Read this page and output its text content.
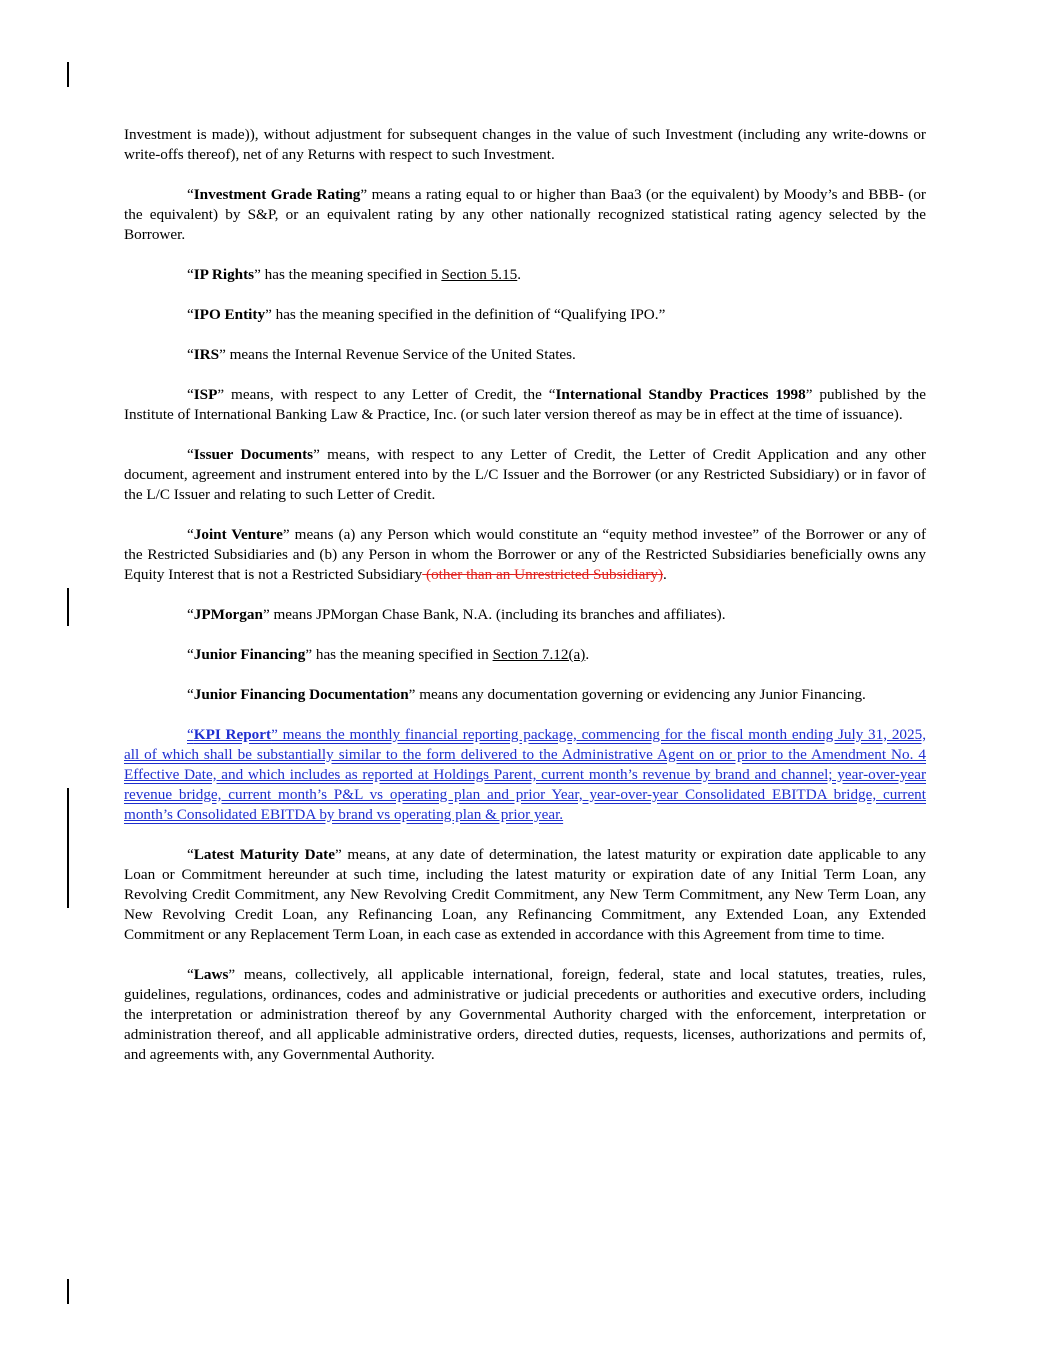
Investment is made)), without adjustment for subsequent changes in the value of such Investment (including any write-downs or write-offs thereof), net of any Returns with respect to such Investment.

“Investment Grade Rating” means a rating equal to or higher than Baa3 (or the equivalent) by Moody’s and BBB- (or the equivalent) by S&P, or an equivalent rating by any other nationally recognized statistical rating agency selected by the Borrower.

“IP Rights” has the meaning specified in Section 5.15.

“IPO Entity” has the meaning specified in the definition of “Qualifying IPO.”

“IRS” means the Internal Revenue Service of the United States.

“ISP” means, with respect to any Letter of Credit, the “International Standby Practices 1998” published by the Institute of International Banking Law & Practice, Inc. (or such later version thereof as may be in effect at the time of issuance).

“Issuer Documents” means, with respect to any Letter of Credit, the Letter of Credit Application and any other document, agreement and instrument entered into by the L/C Issuer and the Borrower (or any Restricted Subsidiary) or in favor of the L/C Issuer and relating to such Letter of Credit.

“Joint Venture” means (a) any Person which would constitute an “equity method investee” of the Borrower or any of the Restricted Subsidiaries and (b) any Person in whom the Borrower or any of the Restricted Subsidiaries beneficially owns any Equity Interest that is not a Restricted Subsidiary (other than an Unrestricted Subsidiary).

“JPMorgan” means JPMorgan Chase Bank, N.A. (including its branches and affiliates).

“Junior Financing” has the meaning specified in Section 7.12(a).

“Junior Financing Documentation” means any documentation governing or evidencing any Junior Financing.

“KPI Report” means the monthly financial reporting package, commencing for the fiscal month ending July 31, 2025, all of which shall be substantially similar to the form delivered to the Administrative Agent on or prior to the Amendment No. 4 Effective Date, and which includes as reported at Holdings Parent, current month’s revenue by brand and channel; year-over-year revenue bridge, current month’s P&L vs operating plan and prior Year, year-over-year Consolidated EBITDA bridge, current month’s Consolidated EBITDA by brand vs operating plan & prior year.

“Latest Maturity Date” means, at any date of determination, the latest maturity or expiration date applicable to any Loan or Commitment hereunder at such time, including the latest maturity or expiration date of any Initial Term Loan, any Revolving Credit Commitment, any New Revolving Credit Commitment, any New Term Commitment, any New Term Loan, any New Revolving Credit Loan, any Refinancing Loan, any Refinancing Commitment, any Extended Loan, any Extended Commitment or any Replacement Term Loan, in each case as extended in accordance with this Agreement from time to time.

“Laws” means, collectively, all applicable international, foreign, federal, state and local statutes, treaties, rules, guidelines, regulations, ordinances, codes and administrative or judicial precedents or authorities and executive orders, including the interpretation or administration thereof by any Governmental Authority charged with the enforcement, interpretation or administration thereof, and all applicable administrative orders, directed duties, requests, licenses, authorizations and permits of, and agreements with, any Governmental Authority.
